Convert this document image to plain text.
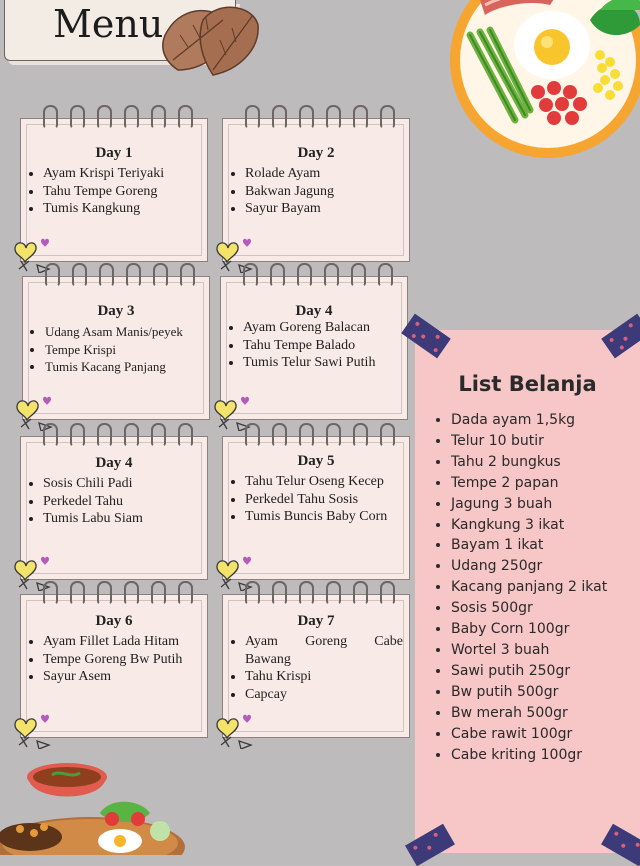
Menu
Day 1
• Ayam Krispi Teriyaki
• Tahu Tempe Goreng
• Tumis Kangkung
Day 2
• Rolade Ayam
• Bakwan Jagung
• Sayur Bayam
Day 3
• Udang Asam Manis/peyek
• Tempe Krispi
• Tumis Kacang Panjang
Day 4
• Ayam Goreng Balacan
• Tahu Tempe Balado
• Tumis Telur Sawi Putih
Day 4
• Sosis Chili Padi
• Perkedel Tahu
• Tumis Labu Siam
Day 5
• Tahu Telur Oseng Kecep
• Perkedel Tahu Sosis
• Tumis Buncis Baby Corn
Day 6
• Ayam Fillet Lada Hitam
• Tempe Goreng Bw Putih
• Sayur Asem
Day 7
• Ayam Goreng Cabe Bawang
• Tahu Krispi
• Capcay
List Belanja
• Dada ayam 1,5kg
• Telur 10 butir
• Tahu 2 bungkus
• Tempe 2 papan
• Jagung 3 buah
• Kangkung 3 ikat
• Bayam 1 ikat
• Udang 250gr
• Kacang panjang 2 ikat
• Sosis 500gr
• Baby Corn 100gr
• Wortel 3 buah
• Sawi putih 250gr
• Bw putih 500gr
• Bw merah 500gr
• Cabe rawit 100gr
• Cabe kriting 100gr
